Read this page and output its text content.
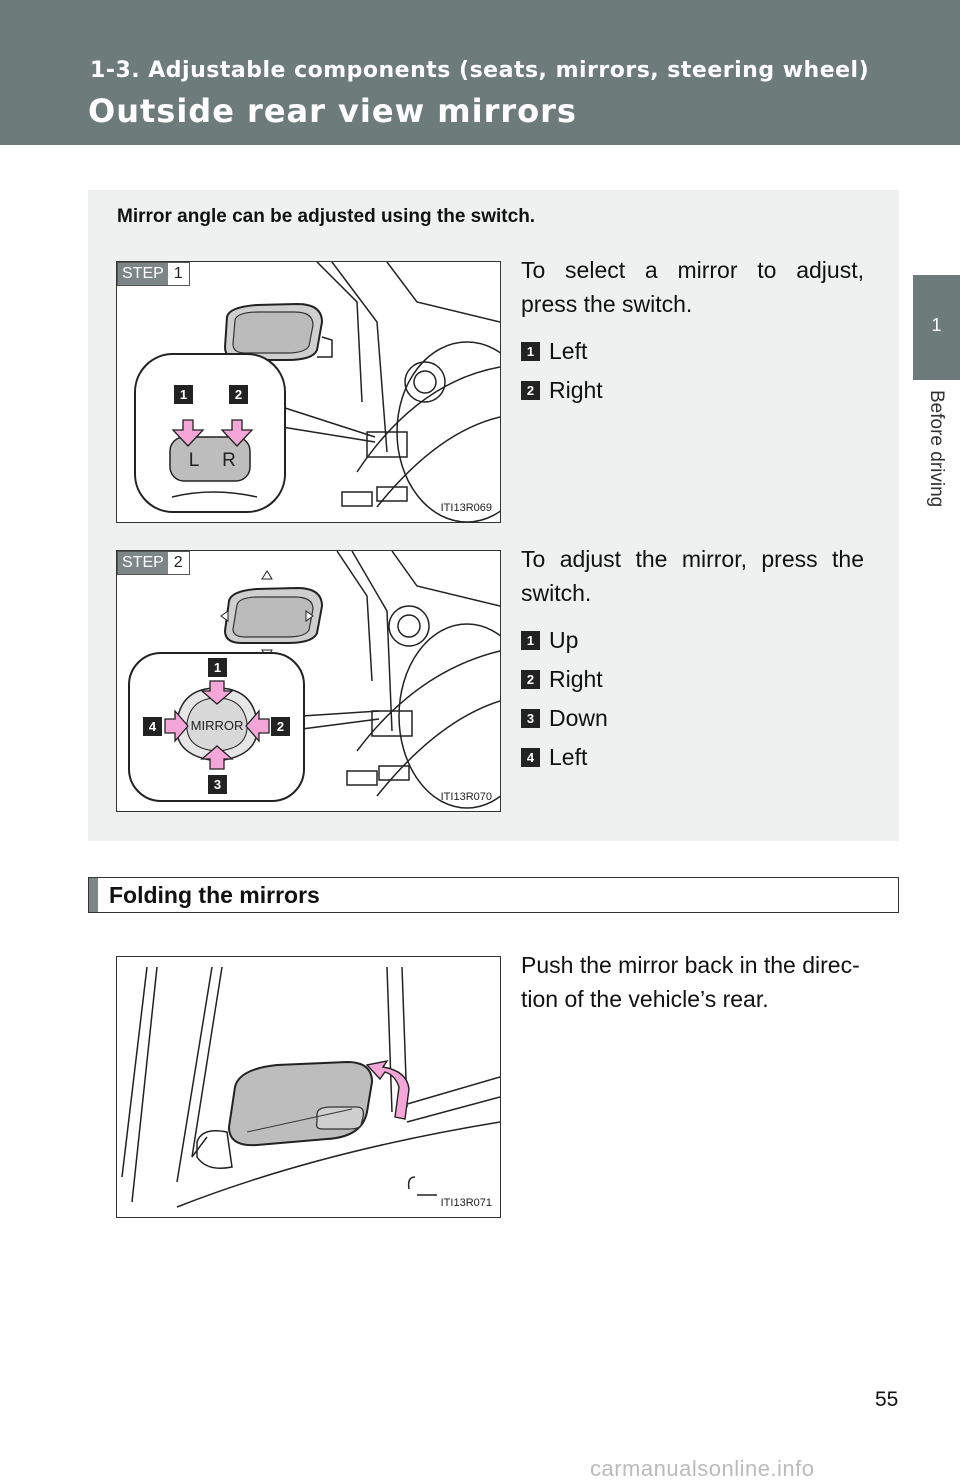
1-3. Adjustable components (seats, mirrors, steering wheel)
Outside rear view mirrors
1
Before driving
Mirror angle can be adjusted using the switch.
1	2
L R
STEP 1
ITI13R069
To select a mirror to adjust,
press the switch.
1 Left
2 Right
MIRROR
1
2
3
4
STEP 2
ITI13R070
To adjust the mirror, press the
switch.
1 Up
2 Right
3 Down
4 Left
Folding the mirrors
ITI13R071
Push the mirror back in the direc-
tion of the vehicle’s rear.
55
carmanualsonline.info
